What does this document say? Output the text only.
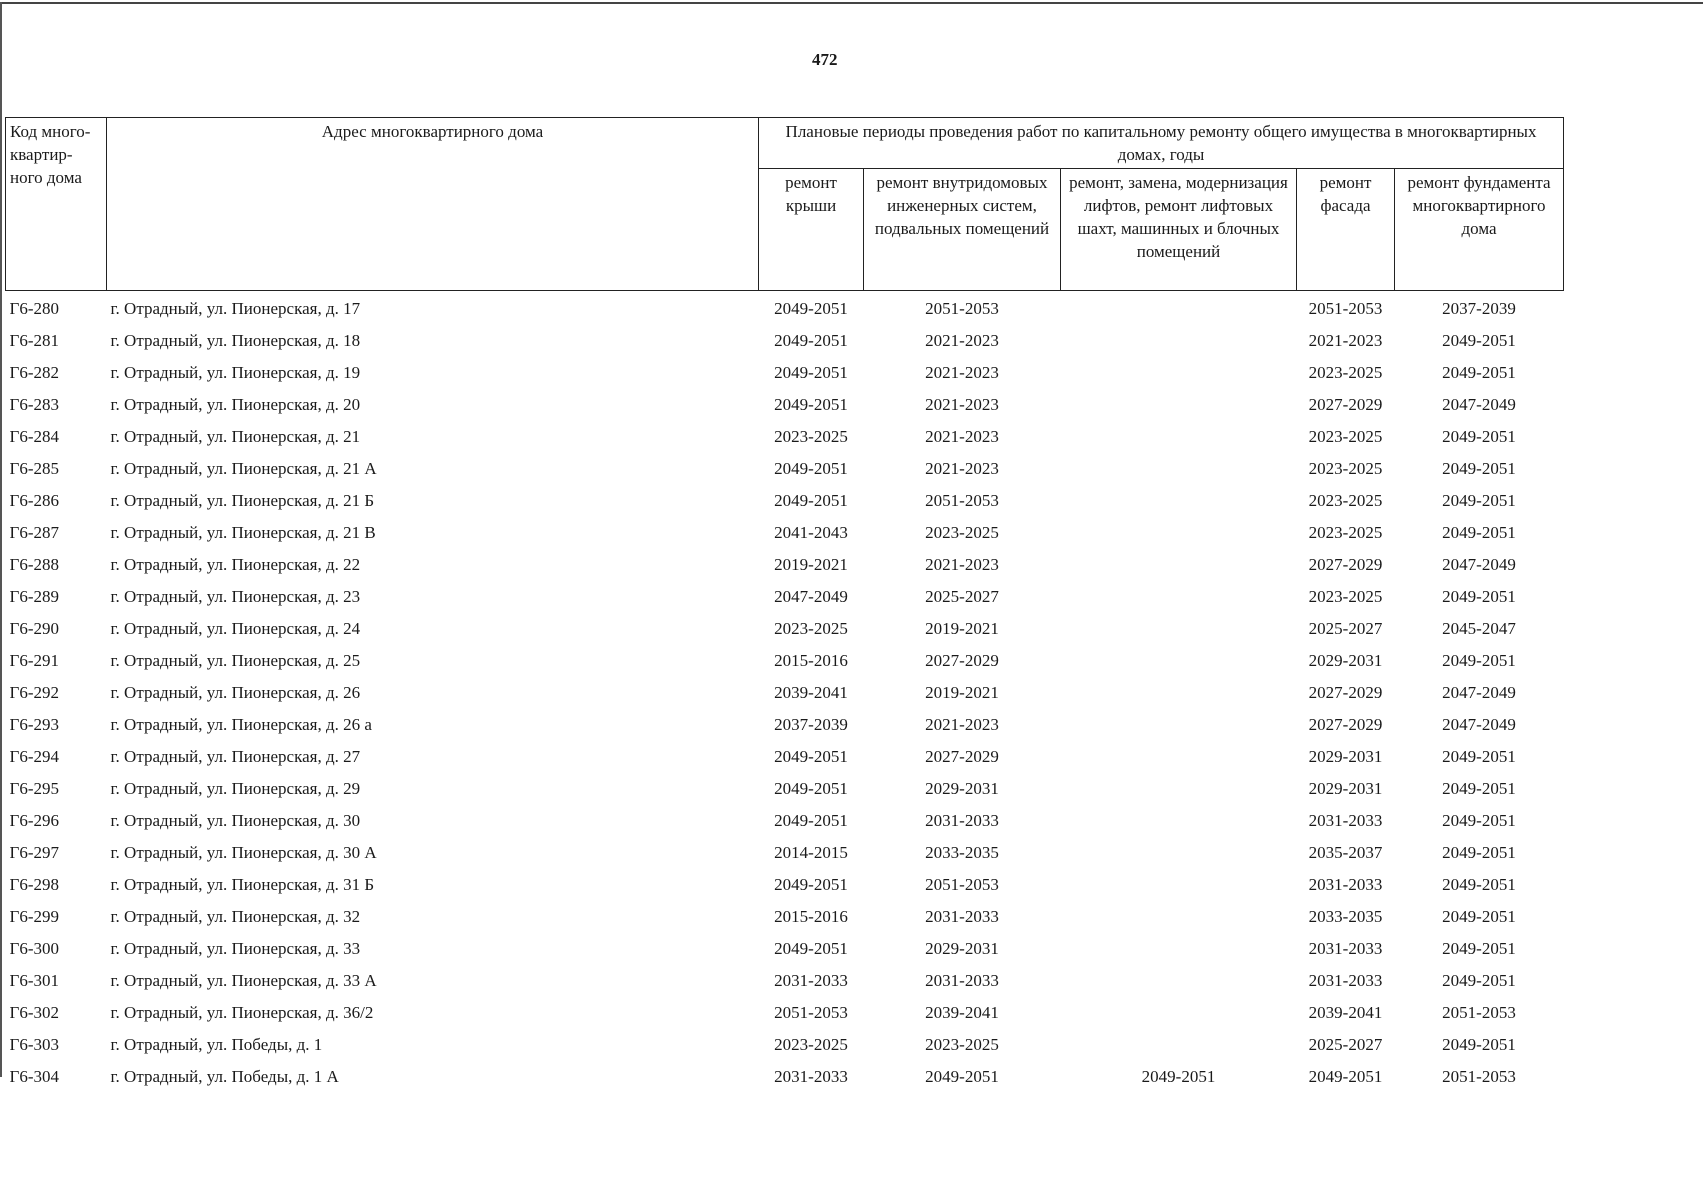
472
Код много-квартир-ного дома	Адрес многоквартирного дома	Плановые периоды проведения работ по капитальному ремонту общего имущества в многоквартирных домах, годы				
		ремонт крыши	ремонт внутридомовых инженерных систем, подвальных помещений	ремонт, замена, модернизация лифтов, ремонт лифтовых шахт, машинных и блочных помещений	ремонт фасада	ремонт фундамента многоквартирного дома
Г6-280	г. Отрадный, ул. Пионерская, д. 17	2049-2051	2051-2053		2051-2053	2037-2039
Г6-281	г. Отрадный, ул. Пионерская, д. 18	2049-2051	2021-2023		2021-2023	2049-2051
Г6-282	г. Отрадный, ул. Пионерская, д. 19	2049-2051	2021-2023		2023-2025	2049-2051
Г6-283	г. Отрадный, ул. Пионерская, д. 20	2049-2051	2021-2023		2027-2029	2047-2049
Г6-284	г. Отрадный, ул. Пионерская, д. 21	2023-2025	2021-2023		2023-2025	2049-2051
Г6-285	г. Отрадный, ул. Пионерская, д. 21 А	2049-2051	2021-2023		2023-2025	2049-2051
Г6-286	г. Отрадный, ул. Пионерская, д. 21 Б	2049-2051	2051-2053		2023-2025	2049-2051
Г6-287	г. Отрадный, ул. Пионерская, д. 21 В	2041-2043	2023-2025		2023-2025	2049-2051
Г6-288	г. Отрадный, ул. Пионерская, д. 22	2019-2021	2021-2023		2027-2029	2047-2049
Г6-289	г. Отрадный, ул. Пионерская, д. 23	2047-2049	2025-2027		2023-2025	2049-2051
Г6-290	г. Отрадный, ул. Пионерская, д. 24	2023-2025	2019-2021		2025-2027	2045-2047
Г6-291	г. Отрадный, ул. Пионерская, д. 25	2015-2016	2027-2029		2029-2031	2049-2051
Г6-292	г. Отрадный, ул. Пионерская, д. 26	2039-2041	2019-2021		2027-2029	2047-2049
Г6-293	г. Отрадный, ул. Пионерская, д. 26 а	2037-2039	2021-2023		2027-2029	2047-2049
Г6-294	г. Отрадный, ул. Пионерская, д. 27	2049-2051	2027-2029		2029-2031	2049-2051
Г6-295	г. Отрадный, ул. Пионерская, д. 29	2049-2051	2029-2031		2029-2031	2049-2051
Г6-296	г. Отрадный, ул. Пионерская, д. 30	2049-2051	2031-2033		2031-2033	2049-2051
Г6-297	г. Отрадный, ул. Пионерская, д. 30 А	2014-2015	2033-2035		2035-2037	2049-2051
Г6-298	г. Отрадный, ул. Пионерская, д. 31 Б	2049-2051	2051-2053		2031-2033	2049-2051
Г6-299	г. Отрадный, ул. Пионерская, д. 32	2015-2016	2031-2033		2033-2035	2049-2051
Г6-300	г. Отрадный, ул. Пионерская, д. 33	2049-2051	2029-2031		2031-2033	2049-2051
Г6-301	г. Отрадный, ул. Пионерская, д. 33 А	2031-2033	2031-2033		2031-2033	2049-2051
Г6-302	г. Отрадный, ул. Пионерская, д. 36/2	2051-2053	2039-2041		2039-2041	2051-2053
Г6-303	г. Отрадный, ул. Победы, д. 1	2023-2025	2023-2025		2025-2027	2049-2051
Г6-304	г. Отрадный, ул. Победы, д. 1 А	2031-2033	2049-2051	2049-2051	2049-2051	2051-2053
